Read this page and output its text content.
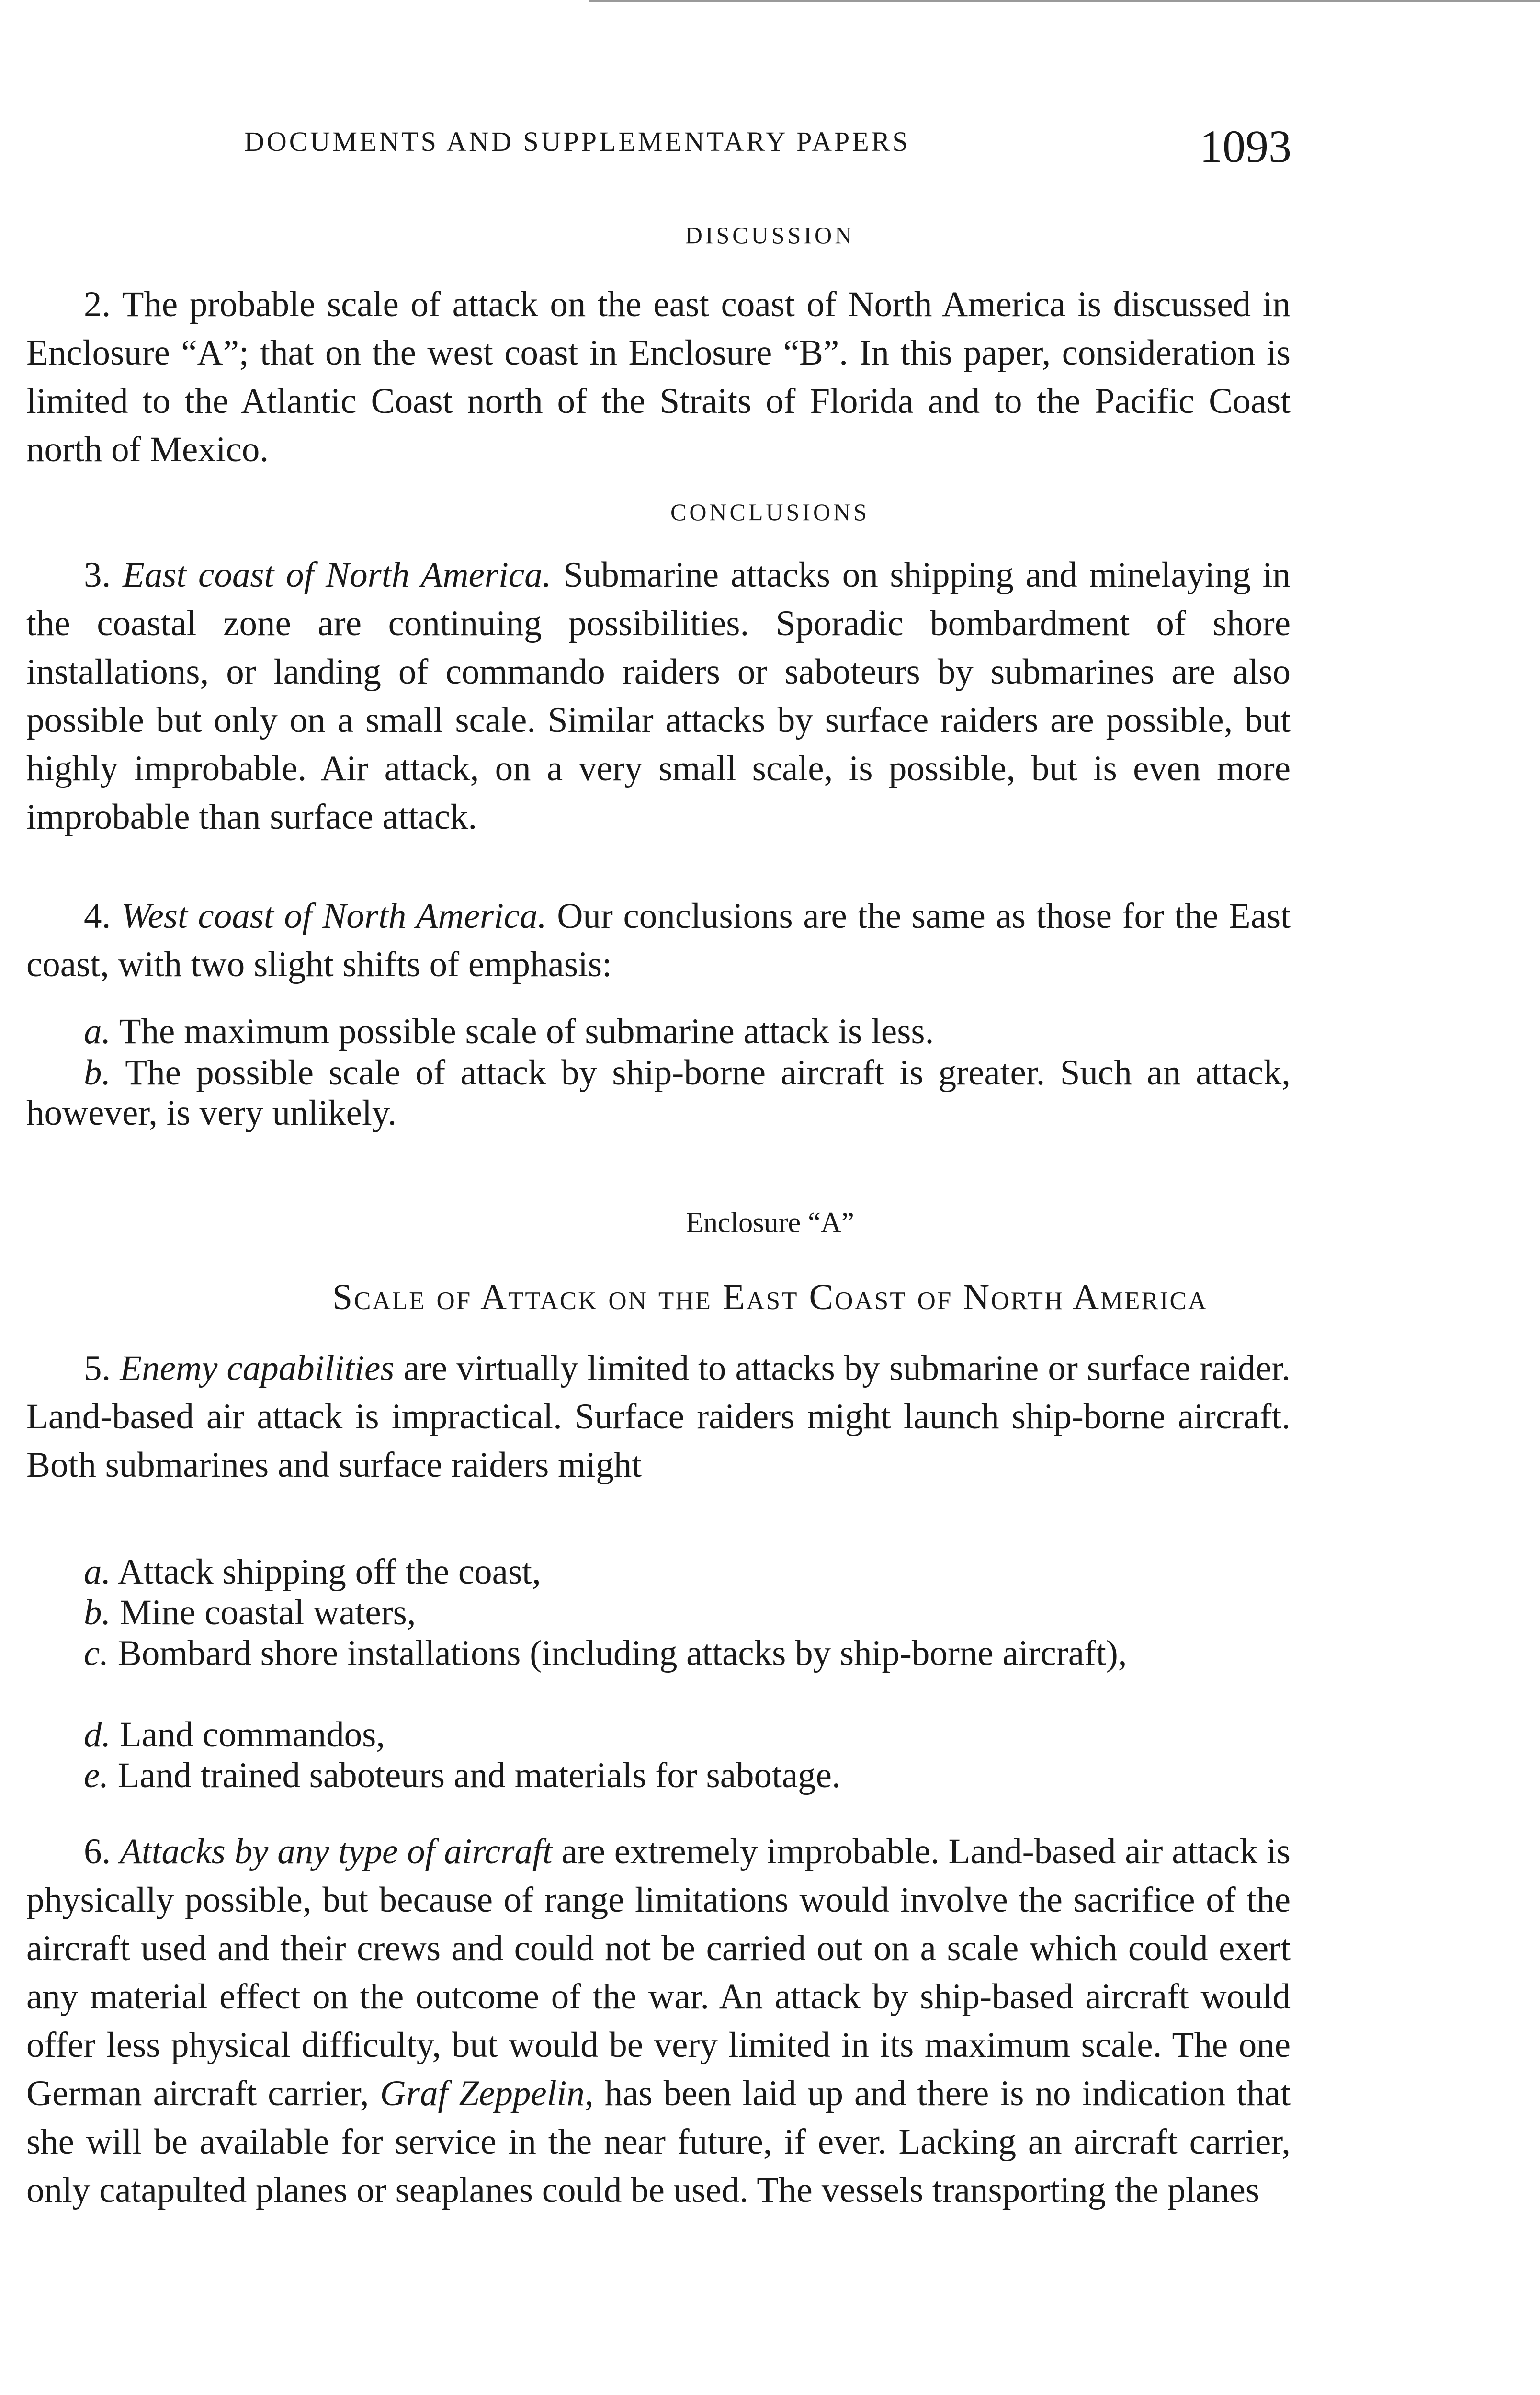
DOCUMENTS AND SUPPLEMENTARY PAPERS	1093
DISCUSSION

2. The probable scale of attack on the east coast of North America is discussed in Enclosure “A”; that on the west coast in Enclosure “B”. In this paper, consideration is limited to the Atlantic Coast north of the Straits of Florida and to the Pacific Coast north of Mexico.

CONCLUSIONS

3. East coast of North America. Submarine attacks on shipping and minelaying in the coastal zone are continuing possibilities. Sporadic bombardment of shore installations, or landing of commando raiders or saboteurs by submarines are also possible but only on a small scale. Similar attacks by surface raiders are possible, but highly improbable. Air attack, on a very small scale, is possible, but is even more improbable than surface attack.

4. West coast of North America. Our conclusions are the same as those for the East coast, with two slight shifts of emphasis:

a. The maximum possible scale of submarine attack is less.

b. The possible scale of attack by ship-borne aircraft is greater. Such an attack, however, is very unlikely.

Enclosure “A”
Scale of Attack on the East Coast of North America

5. Enemy capabilities are virtually limited to attacks by submarine or surface raider. Land-based air attack is impractical. Surface raiders might launch ship-borne aircraft. Both submarines and surface raiders might

a. Attack shipping off the coast,

b. Mine coastal waters,

c. Bombard shore installations (including attacks by ship-borne aircraft),

d. Land commandos,

e. Land trained saboteurs and materials for sabotage.

6. Attacks by any type of aircraft are extremely improbable. Land-based air attack is physically possible, but because of range limitations would involve the sacrifice of the aircraft used and their crews and could not be carried out on a scale which could exert any material effect on the outcome of the war. An attack by ship-based aircraft would offer less physical difficulty, but would be very limited in its maximum scale. The one German aircraft carrier, Graf Zeppelin, has been laid up and there is no indication that she will be available for service in the near future, if ever. Lacking an aircraft carrier, only catapulted planes or seaplanes could be used. The vessels transporting the planes
